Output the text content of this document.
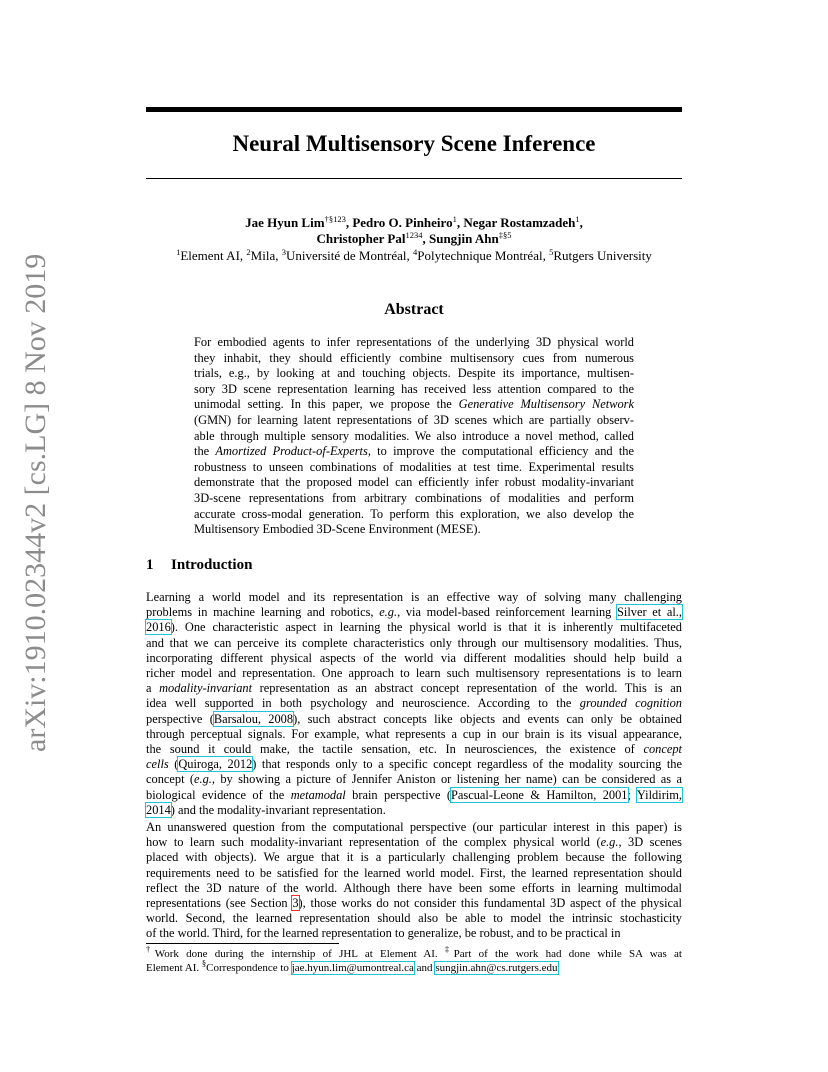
Neural Multisensory Scene Inference
Jae Hyun Lim$^{\dagger\S 123}$, Pedro O. Pinheiro$^1$, Negar Rostamzadeh$^1$,
Christopher Pal$^{1234}$, Sungjin Ahn$^{\ddagger\S 5}$
$^1$Element AI, $^2$Mila, $^3$Université de Montréal, $^4$Polytechnique Montréal, $^5$Rutgers University
Abstract
For embodied agents to infer representations of the underlying 3D physical world
they inhabit, they should efficiently combine multisensory cues from numerous
trials, e.g., by looking at and touching objects. Despite its importance, multisen-
sory 3D scene representation learning has received less attention compared to the
unimodal setting. In this paper, we propose the Generative Multisensory Network
(GMN) for learning latent representations of 3D scenes which are partially observ-
able through multiple sensory modalities. We also introduce a novel method, called
the Amortized Product-of-Experts, to improve the computational efficiency and the
robustness to unseen combinations of modalities at test time. Experimental results
demonstrate that the proposed model can efficiently infer robust modality-invariant
3D-scene representations from arbitrary combinations of modalities and perform
accurate cross-modal generation. To perform this exploration, we also develop the
Multisensory Embodied 3D-Scene Environment (MESE).
1 Introduction
Learning a world model and its representation is an effective way of solving many challenging
problems in machine learning and robotics, e.g., via model-based reinforcement learning Silver et al.,
2016). One characteristic aspect in learning the physical world is that it is inherently multifaceted
and that we can perceive its complete characteristics only through our multisensory modalities. Thus,
incorporating different physical aspects of the world via different modalities should help build a
richer model and representation. One approach to learn such multisensory representations is to learn
a modality-invariant representation as an abstract concept representation of the world. This is an
idea well supported in both psychology and neuroscience. According to the grounded cognition
perspective (Barsalou, 2008), such abstract concepts like objects and events can only be obtained
through perceptual signals. For example, what represents a cup in our brain is its visual appearance,
the sound it could make, the tactile sensation, etc. In neurosciences, the existence of concept
cells (Quiroga, 2012) that responds only to a specific concept regardless of the modality sourcing the
concept (e.g., by showing a picture of Jennifer Aniston or listening her name) can be considered as a
biological evidence of the metamodal brain perspective (Pascual-Leone & Hamilton, 2001; Yildirim,
2014) and the modality-invariant representation.
An unanswered question from the computational perspective (our particular interest in this paper) is
how to learn such modality-invariant representation of the complex physical world (e.g., 3D scenes
placed with objects). We argue that it is a particularly challenging problem because the following
requirements need to be satisfied for the learned world model. First, the learned representation should
reflect the 3D nature of the world. Although there have been some efforts in learning multimodal
representations (see Section 3), those works do not consider this fundamental 3D aspect of the physical
world. Second, the learned representation should also be able to model the intrinsic stochasticity
of the world. Third, for the learned representation to generalize, be robust, and to be practical in
†Work done during the internship of JHL at Element AI. ‡Part of the work had done while SA was at
Element AI. §Correspondence to jae.hyun.lim@umontreal.ca and sungjin.ahn@cs.rutgers.edu
arXiv:1910.02344v2 [cs.LG] 8 Nov 2019
